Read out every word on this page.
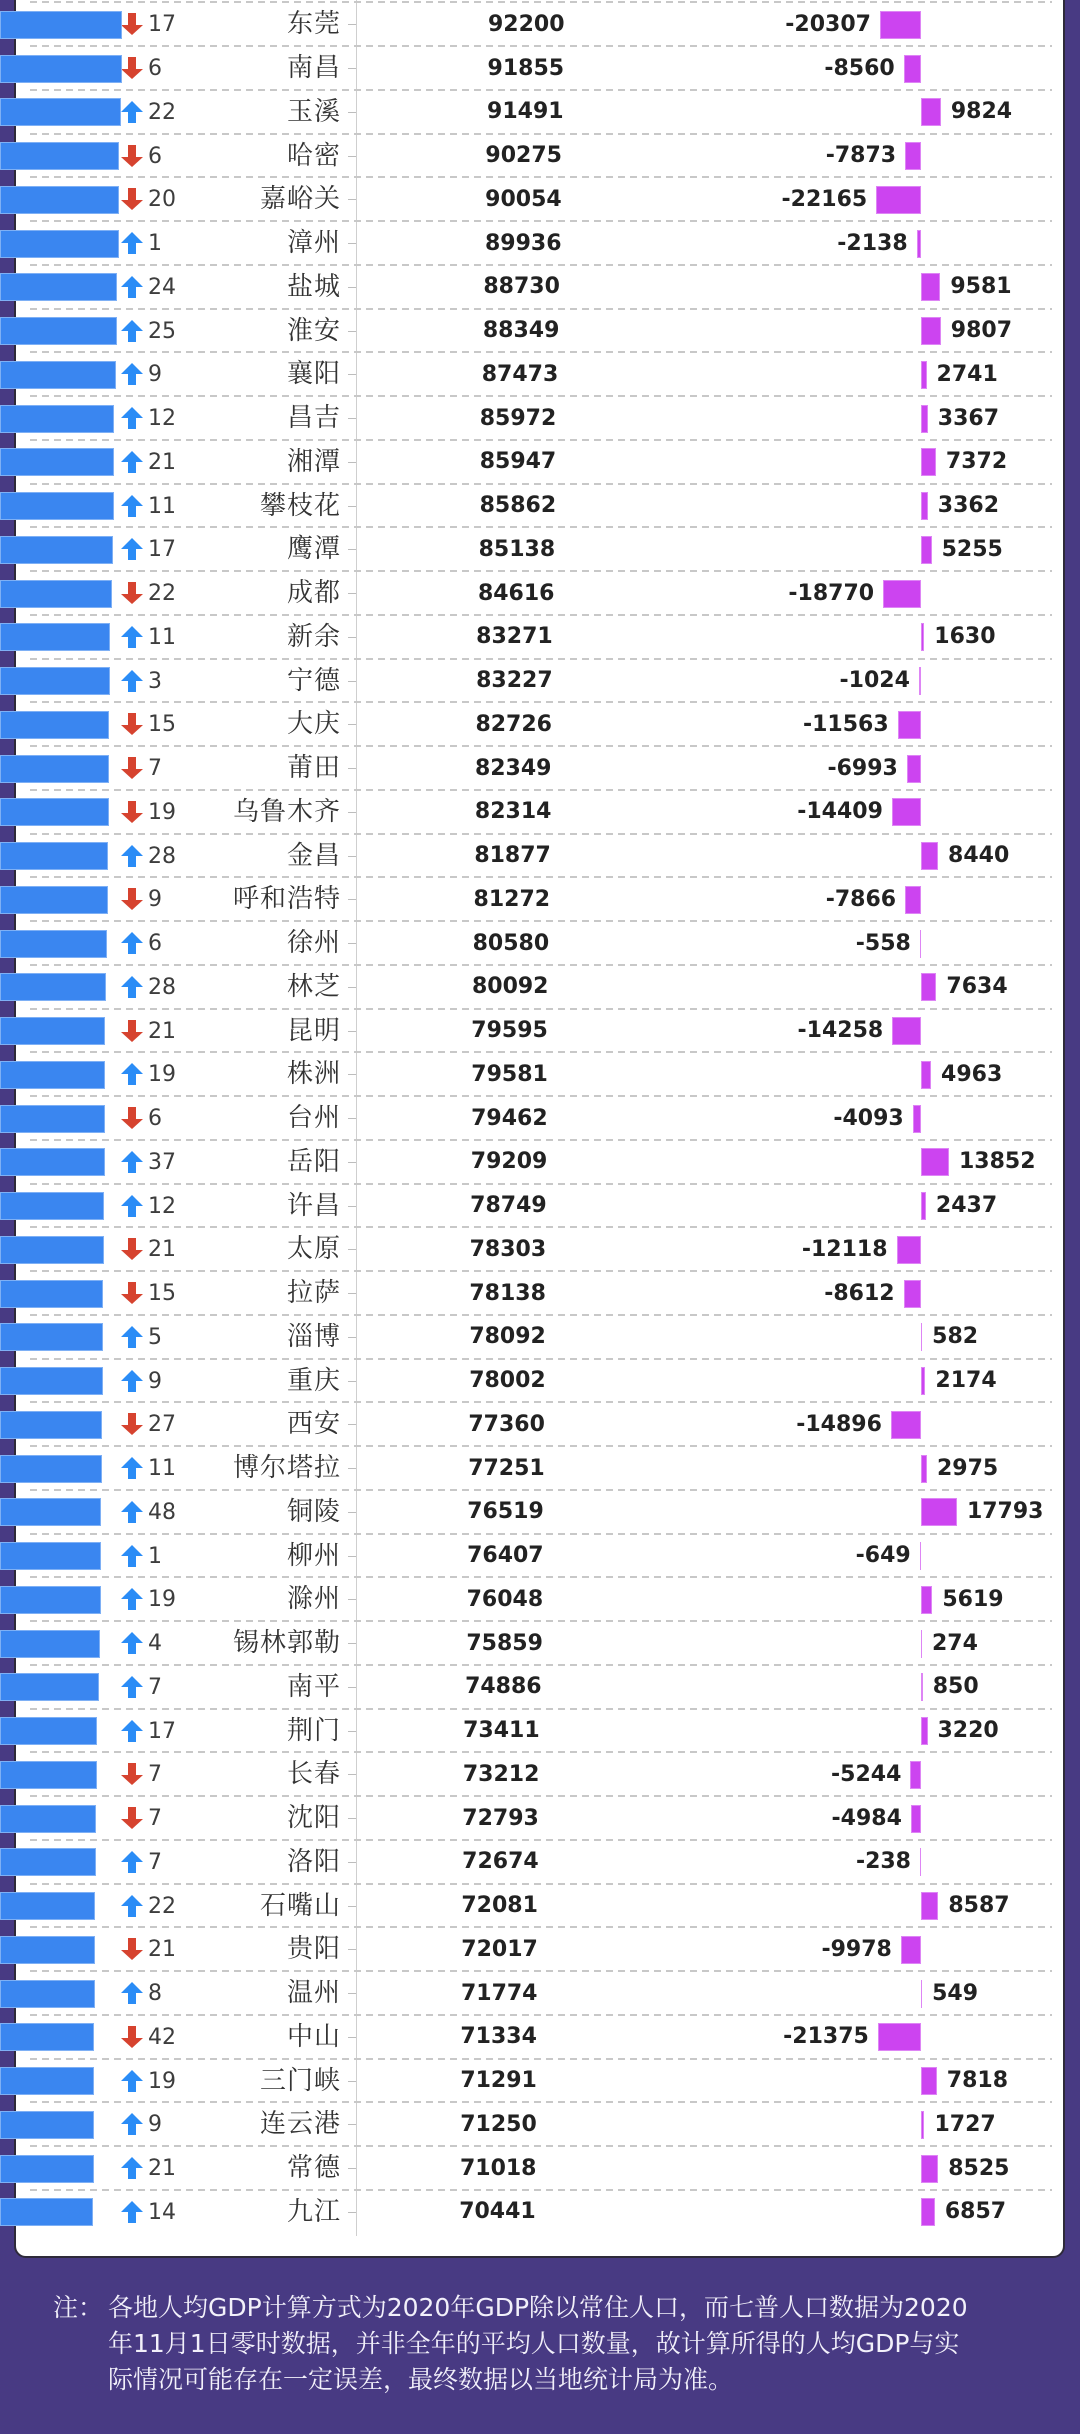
17	东莞	92200	-20307
6	南昌	91855	-8560
22	玉溪	91491	9824
6	哈密	90275	-7873
20	嘉峪关	90054	-22165
1	漳州	89936	-2138
24	盐城	88730	9581
25	淮安	88349	9807
9	襄阳	87473	2741
12	昌吉	85972	3367
21	湘潭	85947	7372
11	攀枝花	85862	3362
17	鹰潭	85138	5255
22	成都	84616	-18770
11	新余	83271	1630
3	宁德	83227	-1024
15	大庆	82726	-11563
7	莆田	82349	-6993
19	乌鲁木齐	82314	-14409
28	金昌	81877	8440
9	呼和浩特	81272	-7866
6	徐州	80580	-558
28	林芝	80092	7634
21	昆明	79595	-14258
19	株洲	79581	4963
6	台州	79462	-4093
37	岳阳	79209	13852
12	许昌	78749	2437
21	太原	78303	-12118
15	拉萨	78138	-8612
5	淄博	78092	582
9	重庆	78002	2174
27	西安	77360	-14896
11	博尔塔拉	77251	2975
48	铜陵	76519	17793
1	柳州	76407	-649
19	滁州	76048	5619
4	锡林郭勒	75859	274
7	南平	74886	850
17	荆门	73411	3220
7	长春	73212	-5244
7	沈阳	72793	-4984
7	洛阳	72674	-238
22	石嘴山	72081	8587
21	贵阳	72017	-9978
8	温州	71774	549
42	中山	71334	-21375
19	三门峡	71291	7818
9	连云港	71250	1727
21	常德	71018	8525
14	九江	70441	6857
注： 各地人均GDP计算方式为2020年GDP除以常住人口，而七普人口数据为2020
年11月1日零时数据，并非全年的平均人口数量，故计算所得的人均GDP与实
际情况可能存在一定误差，最终数据以当地统计局为准。
